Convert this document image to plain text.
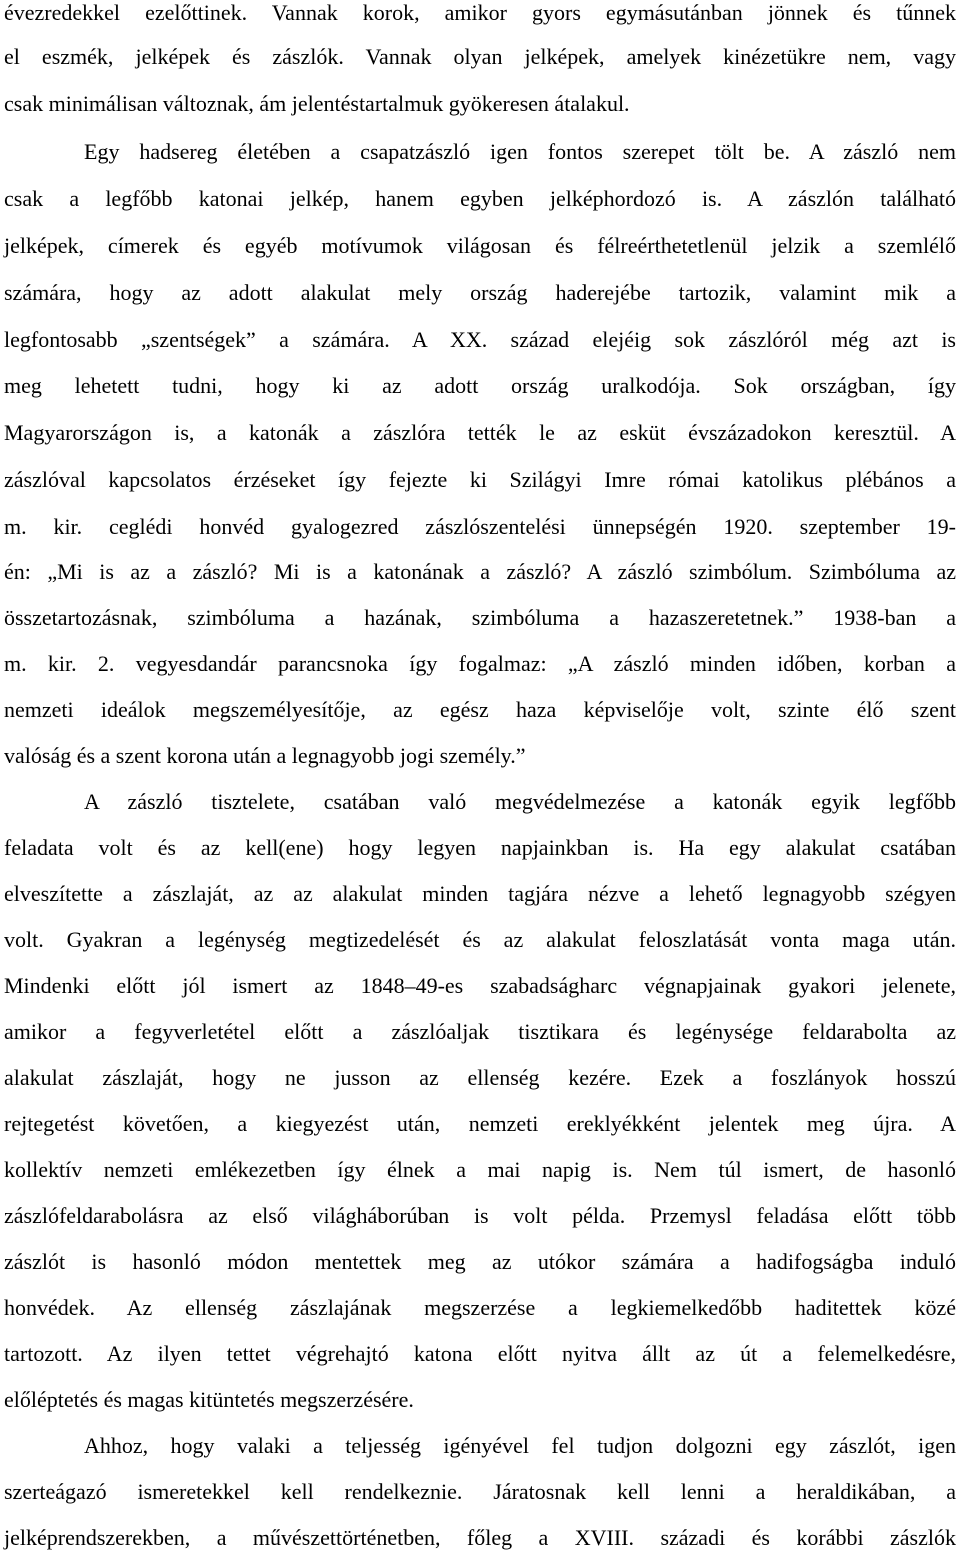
évezredekkel ezelőttinek. Vannak korok, amikor gyors egymásutánban jönnek és tűnnek
el eszmék, jelképek és zászlók. Vannak olyan jelképek, amelyek kinézetükre nem, vagy
csak minimálisan változnak, ám jelentéstartalmuk gyökeresen átalakul.
Egy hadsereg életében a csapatzászló igen fontos szerepet tölt be. A zászló nem
csak a legfőbb katonai jelkép, hanem egyben jelképhordozó is. A zászlón található
jelképek, címerek és egyéb motívumok világosan és félreérthetetlenül jelzik a szemlélő
számára, hogy az adott alakulat mely ország haderejébe tartozik, valamint mik a
legfontosabb „szentségek” a számára. A XX. század elejéig sok zászlóról még azt is
meg lehetett tudni, hogy ki az adott ország uralkodója. Sok országban, így
Magyarországon is, a katonák a zászlóra tették le az esküt évszázadokon keresztül. A
zászlóval kapcsolatos érzéseket így fejezte ki Szilágyi Imre római katolikus plébános a
m. kir. ceglédi honvéd gyalogezred zászlószentelési ünnepségén 1920. szeptember 19-
én: „Mi is az a zászló? Mi is a katonának a zászló? A zászló szimbólum. Szimbóluma az
összetartozásnak, szimbóluma a hazának, szimbóluma a hazaszeretetnek.” 1938-ban a
m. kir. 2. vegyesdandár parancsnoka így fogalmaz: „A zászló minden időben, korban a
nemzeti ideálok megszemélyesítője, az egész haza képviselője volt, szinte élő szent
valóság és a szent korona után a legnagyobb jogi személy.”
A zászló tisztelete, csatában való megvédelmezése a katonák egyik legfőbb
feladata volt és az kell(ene) hogy legyen napjainkban is. Ha egy alakulat csatában
elveszítette a zászlaját, az az alakulat minden tagjára nézve a lehető legnagyobb szégyen
volt. Gyakran a legénység megtizedelését és az alakulat feloszlatását vonta maga után.
Mindenki előtt jól ismert az 1848–49-es szabadságharc végnapjainak gyakori jelenete,
amikor a fegyverletétel előtt a zászlóaljak tisztikara és legénysége feldarabolta az
alakulat zászlaját, hogy ne jusson az ellenség kezére. Ezek a foszlányok hosszú
rejtegetést követően, a kiegyezést után, nemzeti ereklyékként jelentek meg újra. A
kollektív nemzeti emlékezetben így élnek a mai napig is. Nem túl ismert, de hasonló
zászlófeldarabolásra az első világháborúban is volt példa. Przemysl feladása előtt több
zászlót is hasonló módon mentettek meg az utókor számára a hadifogságba induló
honvédek. Az ellenség zászlajának megszerzése a legkiemelkedőbb haditettek közé
tartozott. Az ilyen tettet végrehajtó katona előtt nyitva állt az út a felemelkedésre,
előléptetés és magas kitüntetés megszerzésére.
Ahhoz, hogy valaki a teljesség igényével fel tudjon dolgozni egy zászlót, igen
szerteágazó ismeretekkel kell rendelkeznie. Járatosnak kell lenni a heraldikában, a
jelképrendszerekben, a művészettörténetben, főleg a XVIII. századi és korábbi zászlók
